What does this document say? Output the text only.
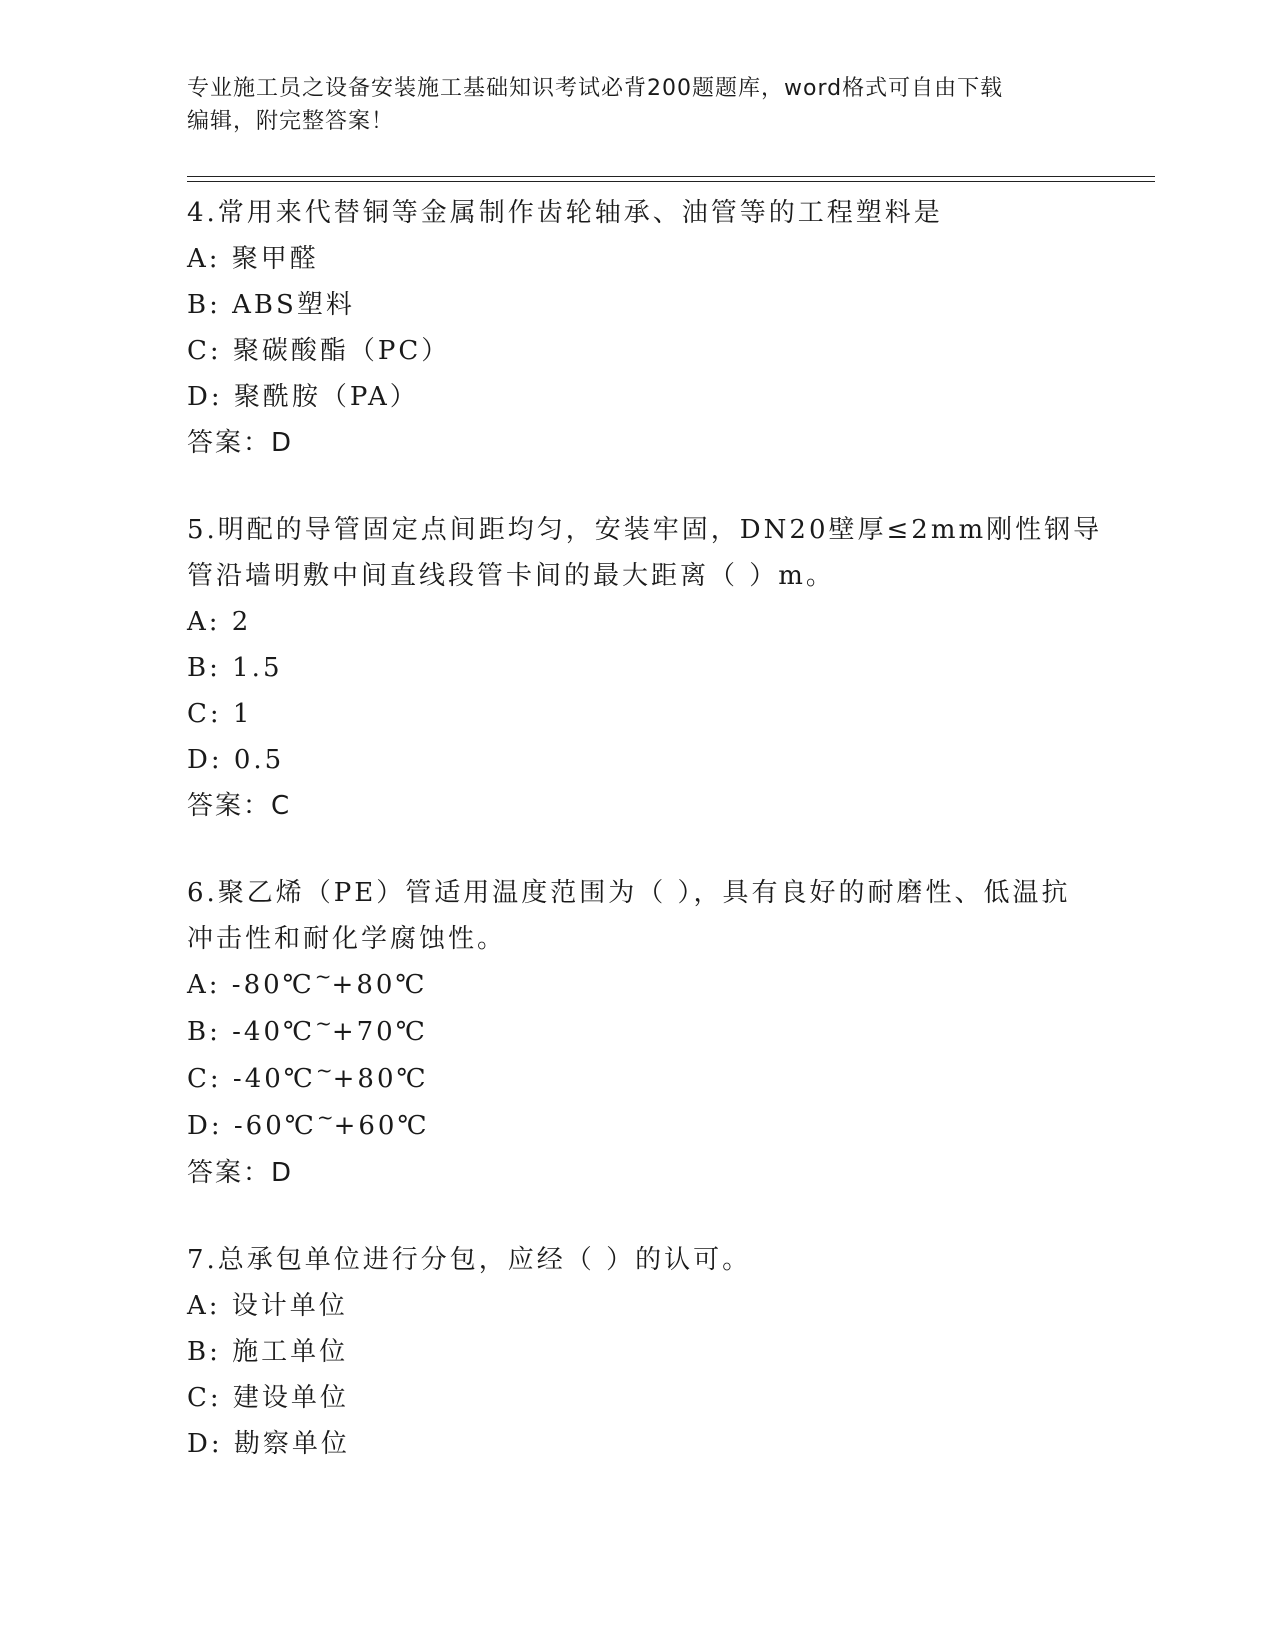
专业施工员之设备安装施工基础知识考试必背200题题库，word格式可自由下载
编辑，附完整答案！
4.常用来代替铜等金属制作齿轮轴承、油管等的工程塑料是
A: 聚甲醛
B: ABS塑料
C: 聚碳酸酯（PC）
D: 聚酰胺（PA）
答案：D
5.明配的导管固定点间距均匀，安装牢固，DN20壁厚≤2mm刚性钢导
管沿墙明敷中间直线段管卡间的最大距离（ ）m。
A: 2
B: 1.5
C: 1
D: 0.5
答案：C
6.聚乙烯（PE）管适用温度范围为（ ），具有良好的耐磨性、低温抗
冲击性和耐化学腐蚀性。
A: -80℃~+80℃
B: -40℃~+70℃
C: -40℃~+80℃
D: -60℃~+60℃
答案：D
7.总承包单位进行分包，应经（ ）的认可。
A: 设计单位
B: 施工单位
C: 建设单位
D: 勘察单位
